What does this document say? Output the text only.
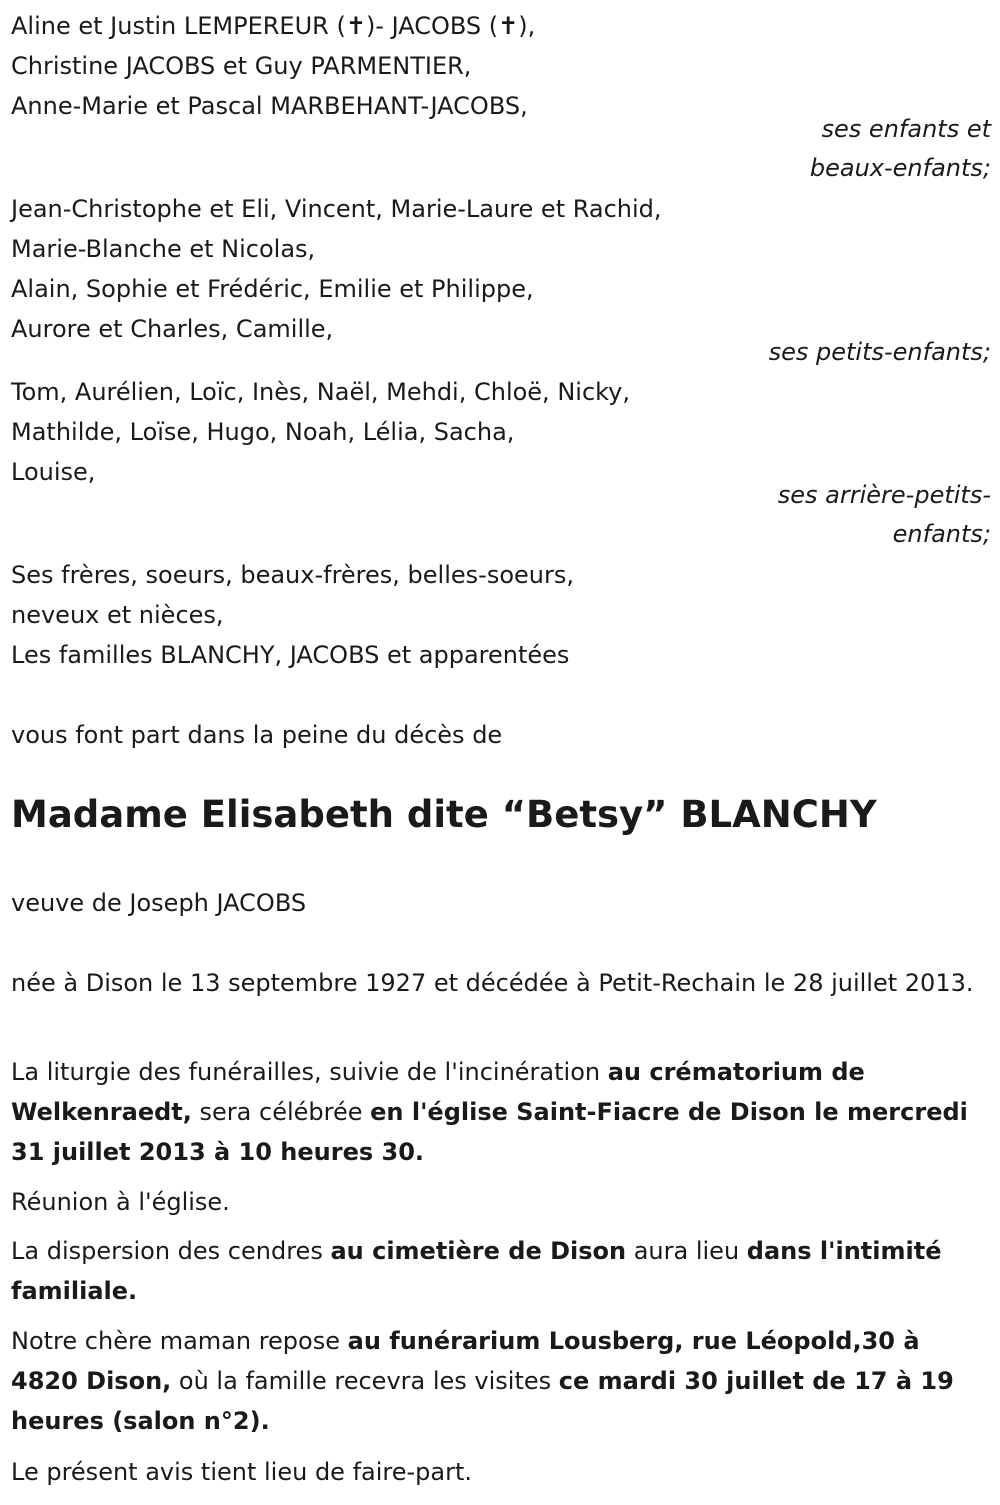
Aline et Justin LEMPEREUR (✝)- JACOBS (✝),
Christine JACOBS et Guy PARMENTIER,
Anne-Marie et Pascal MARBEHANT-JACOBS,
ses enfants et
beaux-enfants;
Jean-Christophe et Eli, Vincent, Marie-Laure et Rachid,
Marie-Blanche et Nicolas,
Alain, Sophie et Frédéric, Emilie et Philippe,
Aurore et Charles, Camille,
ses petits-enfants;
Tom, Aurélien, Loïc, Inès, Naël, Mehdi, Chloë, Nicky,
Mathilde, Loïse, Hugo, Noah, Lélia, Sacha,
Louise,
ses arrière-petits-
enfants;
Ses frères, soeurs, beaux-frères, belles-soeurs,
neveux et nièces,
Les familles BLANCHY, JACOBS et apparentées
vous font part dans la peine du décès de
Madame Elisabeth dite “Betsy” BLANCHY
veuve de Joseph JACOBS
née à Dison le 13 septembre 1927 et décédée à Petit-Rechain le 28 juillet 2013.
La liturgie des funérailles, suivie de l'incinération au crématorium de Welkenraedt, sera célébrée en l'église Saint-Fiacre de Dison le mercredi 31 juillet 2013 à 10 heures 30.
Réunion à l'église.
La dispersion des cendres au cimetière de Dison aura lieu dans l'intimité familiale.
Notre chère maman repose au funérarium Lousberg, rue Léopold,30 à 4820 Dison, où la famille recevra les visites ce mardi 30 juillet de 17 à 19 heures (salon n°2).
Le présent avis tient lieu de faire-part.
